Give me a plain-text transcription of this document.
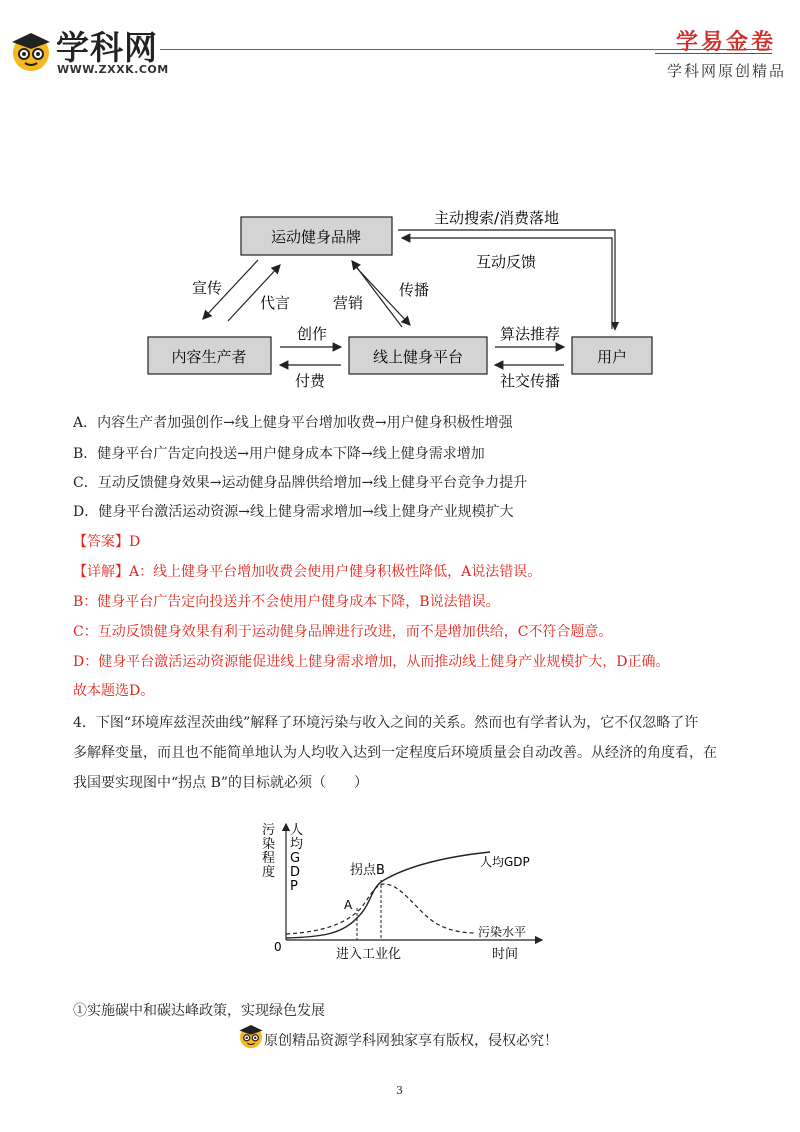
学科网
WWW.ZXXK.COM
学易金卷
学科网原创精品
运动健身品牌
内容生产者	线上健身平台	用户
宣传
代言	营销
传播
创作
付费
算法推荐
社交传播
主动搜索/消费落地
互动反馈
A．内容生产者加强创作→线上健身平台增加收费→用户健身积极性增强
B．健身平台广告定向投送→用户健身成本下降→线上健身需求增加
C．互动反馈健身效果→运动健身品牌供给增加→线上健身平台竞争力提升
D．健身平台激活运动资源→线上健身需求增加→线上健身产业规模扩大
【答案】D
【详解】A：线上健身平台增加收费会使用户健身积极性降低，A说法错误。
B：健身平台广告定向投送并不会使用户健身成本下降，B说法错误。
C：互动反馈健身效果有利于运动健身品牌进行改进，而不是增加供给，C不符合题意。
D：健身平台激活运动资源能促进线上健身需求增加，从而推动线上健身产业规模扩大，D正确。
故本题选D。
4．下图“环境库兹涅茨曲线”解释了环境污染与收入之间的关系。然而也有学者认为，它不仅忽略了许
多解释变量，而且也不能简单地认为人均收入达到一定程度后环境质量会自动改善。从经济的角度看，在
我国要实现图中“拐点 B”的目标就必须（　　）
污染程度
人均 G D P
0
A
拐点B
人均GDP
污染水平
进入工业化	时间
①实施碳中和碳达峰政策，实现绿色发展
原创精品资源学科网独家享有版权，侵权必究！
3
